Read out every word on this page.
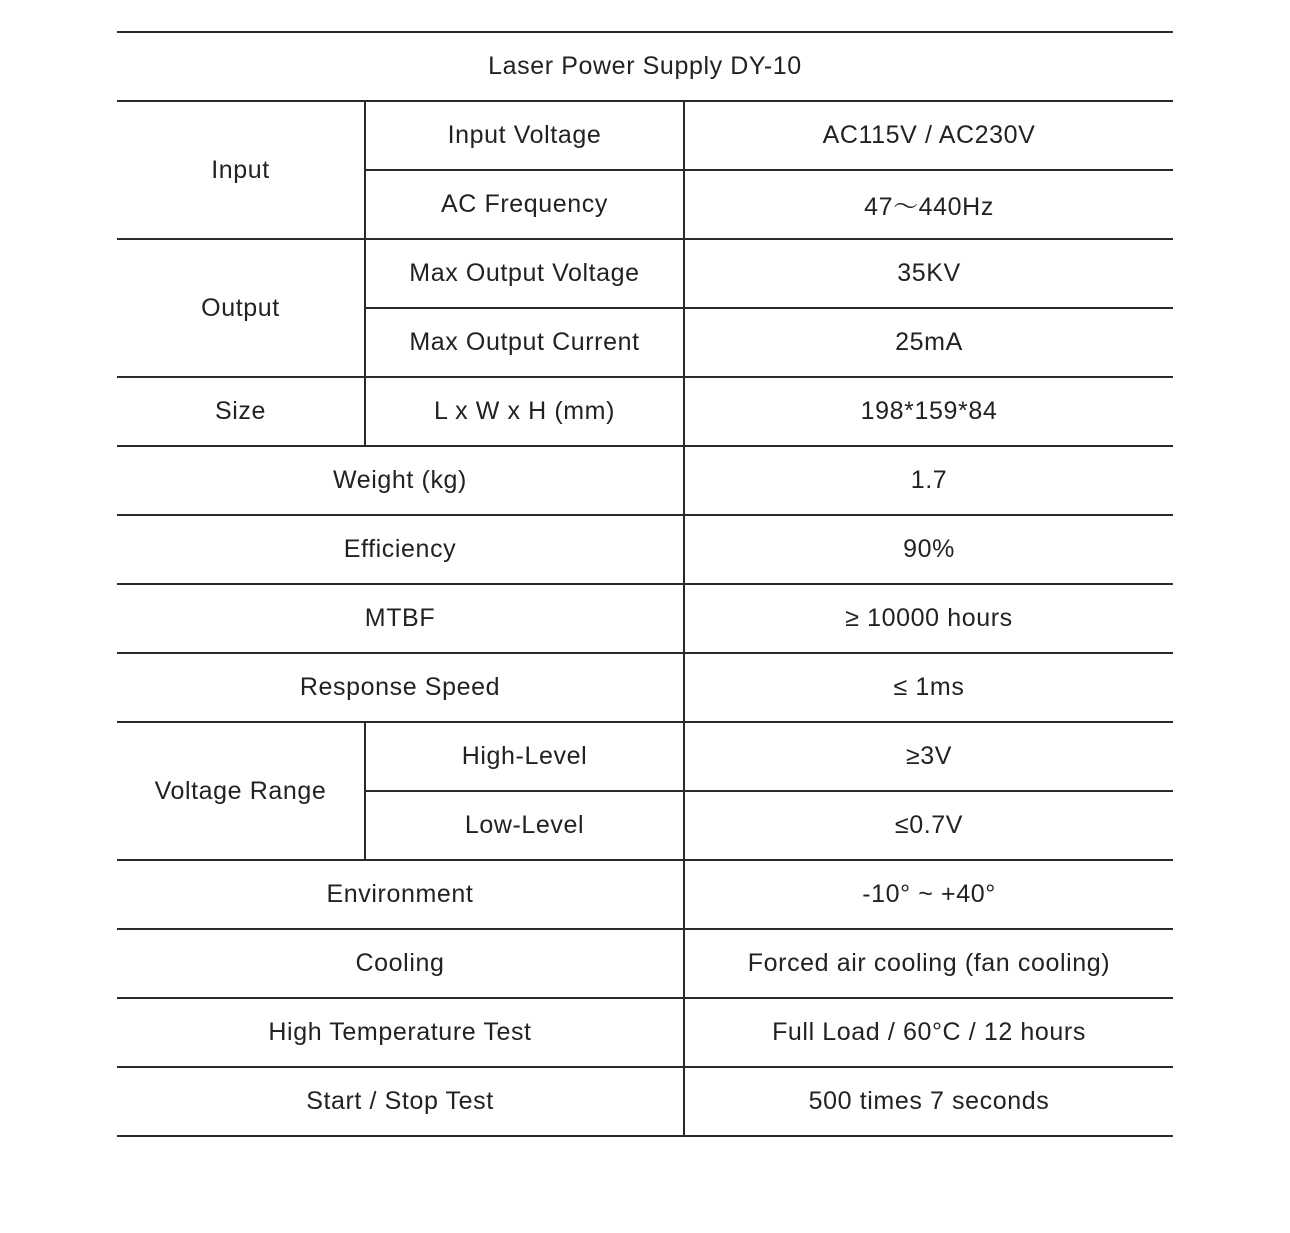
Laser Power Supply DY-10		
Input	Input Voltage	AC115V / AC230V
	AC Frequency	47～440Hz
Output	Max Output Voltage	35KV
	Max Output Current	25mA
Size	L x W x H (mm)	198*159*84
Weight (kg)		1.7
Efficiency		90%
MTBF		≥ 10000 hours
Response Speed		≤ 1ms
Voltage Range	High-Level	≥3V
	Low-Level	≤0.7V
Environment		-10° ~ +40°
Cooling		Forced air cooling (fan cooling)
High Temperature Test		Full Load / 60°C / 12 hours
Start / Stop Test		500 times 7 seconds
